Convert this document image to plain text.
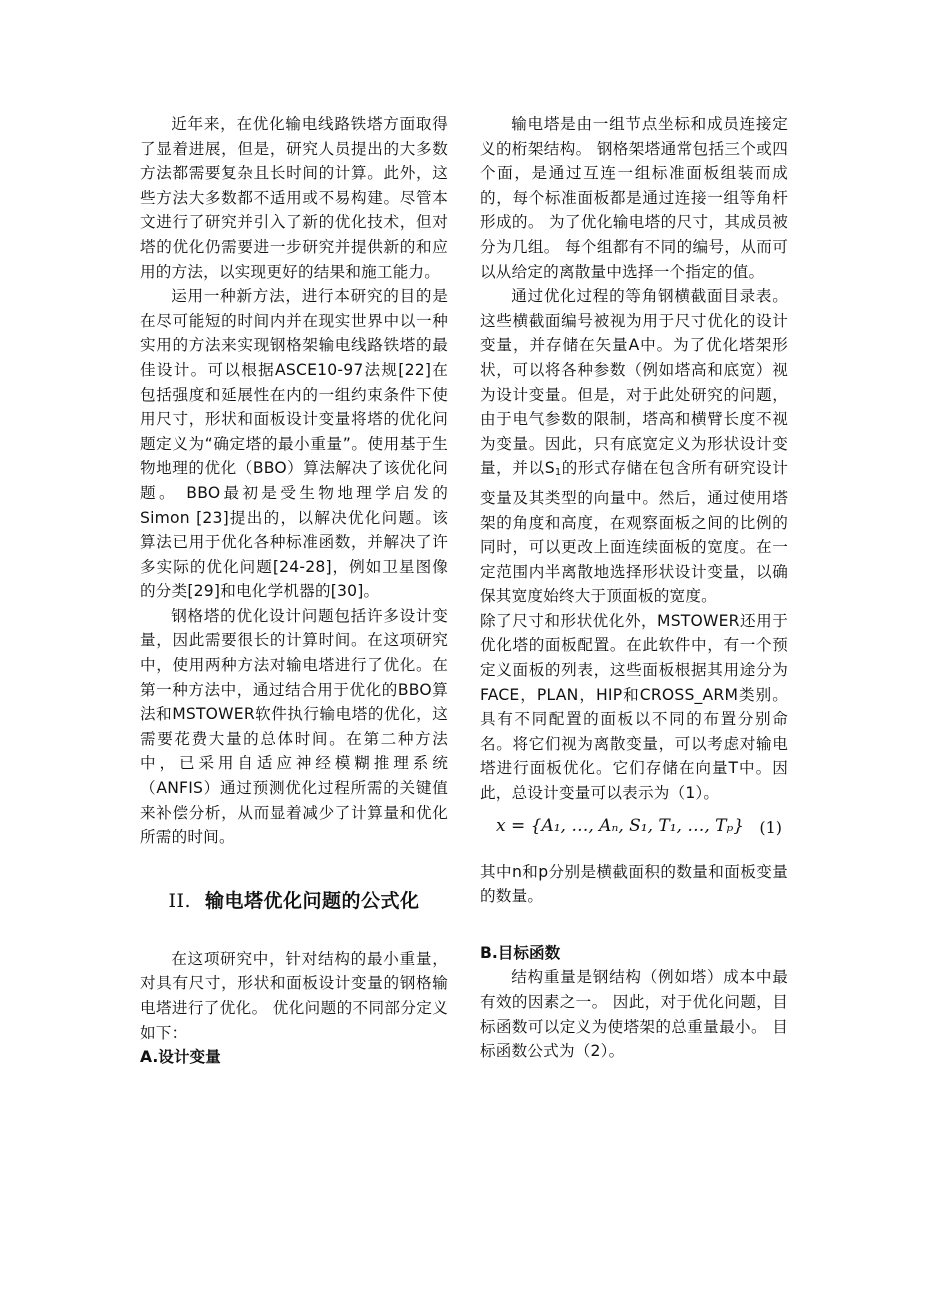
近年来，在优化输电线路铁塔方面取得了显着进展，但是，研究人员提出的大多数方法都需要复杂且长时间的计算。此外，这些方法大多数都不适用或不易构建。尽管本文进行了研究并引入了新的优化技术，但对塔的优化仍需要进一步研究并提供新的和应用的方法，以实现更好的结果和施工能力。

运用一种新方法，进行本研究的目的是在尽可能短的时间内并在现实世界中以一种实用的方法来实现钢格架输电线路铁塔的最佳设计。可以根据ASCE10-97法规[22]在包括强度和延展性在内的一组约束条件下使用尺寸，形状和面板设计变量将塔的优化问题定义为“确定塔的最小重量”。使用基于生物地理的优化（BBO）算法解决了该优化问题。 BBO最初是受生物地理学启发的Simon [23]提出的，以解决优化问题。该算法已用于优化各种标准函数，并解决了许多实际的优化问题[24-28]，例如卫星图像的分类[29]和电化学机器的[30]。

钢格塔的优化设计问题包括许多设计变量，因此需要很长的计算时间。在这项研究中，使用两种方法对输电塔进行了优化。在第一种方法中，通过结合用于优化的BBO算法和MSTOWER软件执行输电塔的优化，这需要花费大量的总体时间。在第二种方法中，已采用自适应神经模糊推理系统（ANFIS）通过预测优化过程所需的关键值来补偿分析，从而显着减少了计算量和优化所需的时间。

II. 输电塔优化问题的公式化

在这项研究中，针对结构的最小重量，对具有尺寸，形状和面板设计变量的钢格输电塔进行了优化。 优化问题的不同部分定义如下：

A.设计变量

输电塔是由一组节点坐标和成员连接定义的桁架结构。 钢格架塔通常包括三个或四个面，是通过互连一组标准面板组装而成的，每个标准面板都是通过连接一组等角杆形成的。 为了优化输电塔的尺寸，其成员被分为几组。 每个组都有不同的编号，从而可以从给定的离散量中选择一个指定的值。

通过优化过程的等角钢横截面目录表。这些横截面编号被视为用于尺寸优化的设计变量，并存储在矢量A中。为了优化塔架形状，可以将各种参数（例如塔高和底宽）视为设计变量。但是，对于此处研究的问题，由于电气参数的限制，塔高和横臂长度不视为变量。因此，只有底宽定义为形状设计变量，并以$S_1$的形式存储在包含所有研究设计变量及其类型的向量中。然后，通过使用塔架的角度和高度，在观察面板之间的比例的同时，可以更改上面连续面板的宽度。在一定范围内半离散地选择形状设计变量，以确保其宽度始终大于顶面板的宽度。

除了尺寸和形状优化外，MSTOWER还用于优化塔的面板配置。在此软件中，有一个预定义面板的列表，这些面板根据其用途分为FACE，PLAN，HIP和CROSS_ARM类别。具有不同配置的面板以不同的布置分别命名。将它们视为离散变量，可以考虑对输电塔进行面板优化。它们存储在向量T中。因此，总设计变量可以表示为（1）。

x = {A₁, …, Aₙ, S₁, T₁, …, Tₚ} (1)

其中n和p分别是横截面积的数量和面板变量的数量。

B.目标函数

结构重量是钢结构（例如塔）成本中最有效的因素之一。 因此，对于优化问题，目标函数可以定义为使塔架的总重量最小。 目标函数公式为（2）。
